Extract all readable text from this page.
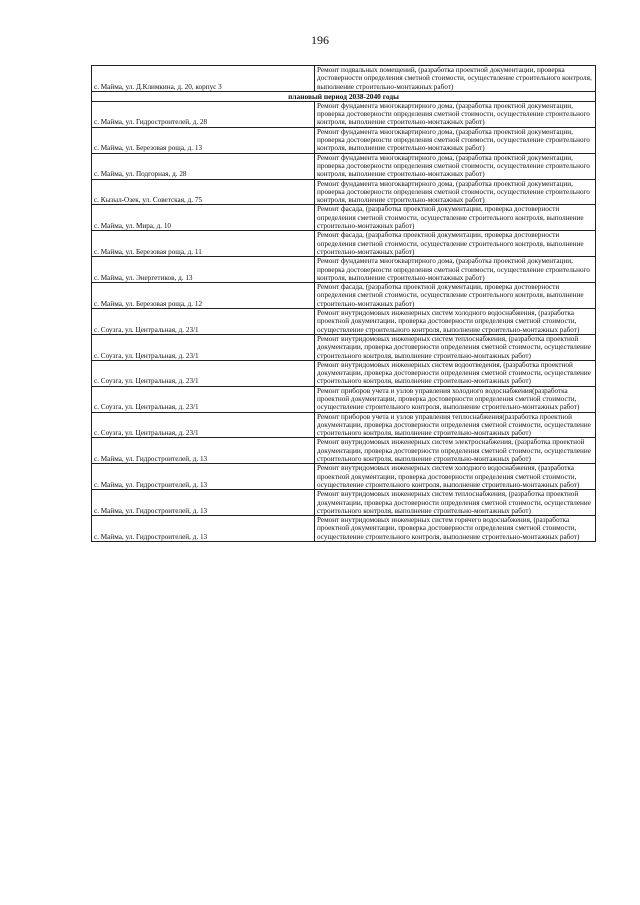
196
с. Майма, ул. Д.Климкина, д. 20, корпус 3	Ремонт подвальных помещений, (разработка проектной документации, проверка достоверности определения сметной стоимости, осуществление строительного контроля, выполнение строительно-монтажных работ)
плановый период 2038-2040 годы	
с. Майма, ул. Гидростроителей, д. 28	Ремонт фундамента многоквартирного дома, (разработка проектной документации, проверка достоверности определения сметной стоимости, осуществление строительного контроля, выполнение строительно-монтажных работ)
с. Майма, ул. Березовая роща, д. 13	Ремонт фундамента многоквартирного дома, (разработка проектной документации, проверка достоверности определения сметной стоимости, осуществление строительного контроля, выполнение строительно-монтажных работ)
с. Майма, ул. Подгорная, д. 28	Ремонт фундамента многоквартирного дома, (разработка проектной документации, проверка достоверности определения сметной стоимости, осуществление строительного контроля, выполнение строительно-монтажных работ)
с. Кызыл-Озек, ул. Советская, д. 75	Ремонт фундамента многоквартирного дома, (разработка проектной документации, проверка достоверности определения сметной стоимости, осуществление строительного контроля, выполнение строительно-монтажных работ)
с. Майма, ул. Мира, д. 10	Ремонт фасада, (разработка проектной документации, проверка достоверности определения сметной стоимости, осуществление строительного контроля, выполнение строительно-монтажных работ)
с. Майма, ул. Березовая роща, д. 11	Ремонт фасада, (разработка проектной документации, проверка достоверности определения сметной стоимости, осуществление строительного контроля, выполнение строительно-монтажных работ)
с. Майма, ул. Энергетиков, д. 13	Ремонт фундамента многоквартирного дома, (разработка проектной документации, проверка достоверности определения сметной стоимости, осуществление строительного контроля, выполнение строительно-монтажных работ)
с. Майма, ул. Березовая роща, д. 12	Ремонт фасада, (разработка проектной документации, проверка достоверности определения сметной стоимости, осуществление строительного контроля, выполнение строительно-монтажных работ)
с. Соузга, ул. Центральная, д. 23/1	Ремонт внутридомовых инженерных систем холодного водоснабжения, (разработка проектной документации, проверка достоверности определения сметной стоимости, осуществление строительного контроля, выполнение строительно-монтажных работ)
с. Соузга, ул. Центральная, д. 23/1	Ремонт внутридомовых инженерных систем теплоснабжения, (разработка проектной документации, проверка достоверности определения сметной стоимости, осуществление строительного контроля, выполнение строительно-монтажных работ)
с. Соузга, ул. Центральная, д. 23/1	Ремонт внутридомовых инженерных систем водоотведения, (разработка проектной документации, проверка достоверности определения сметной стоимости, осуществление строительного контроля, выполнение строительно-монтажных работ)
с. Соузга, ул. Центральная, д. 23/1	Ремонт приборов учета и узлов управления холодного водоснабжения(разработка проектной документации, проверка достоверности определения сметной стоимости, осуществление строительного контроля, выполнение строительно-монтажных работ)
с. Соузга, ул. Центральная, д. 23/1	Ремонт приборов учета и узлов управления теплоснабжения(разработка проектной документации, проверка достоверности определения сметной стоимости, осуществление строительного контроля, выполнение строительно-монтажных работ)
с. Майма, ул. Гидростроителей, д. 13	Ремонт внутридомовых инженерных систем электроснабжения, (разработка проектной документации, проверка достоверности определения сметной стоимости, осуществление строительного контроля, выполнение строительно-монтажных работ)
с. Майма, ул. Гидростроителей, д. 13	Ремонт внутридомовых инженерных систем холодного водоснабжения, (разработка проектной документации, проверка достоверности определения сметной стоимости, осуществление строительного контроля, выполнение строительно-монтажных работ)
с. Майма, ул. Гидростроителей, д. 13	Ремонт внутридомовых инженерных систем теплоснабжения, (разработка проектной документации, проверка достоверности определения сметной стоимости, осуществление строительного контроля, выполнение строительно-монтажных работ)
с. Майма, ул. Гидростроителей, д. 13	Ремонт внутридомовых инженерных систем горячего водоснабжения, (разработка проектной документации, проверка достоверности определения сметной стоимости, осуществление строительного контроля, выполнение строительно-монтажных работ)
